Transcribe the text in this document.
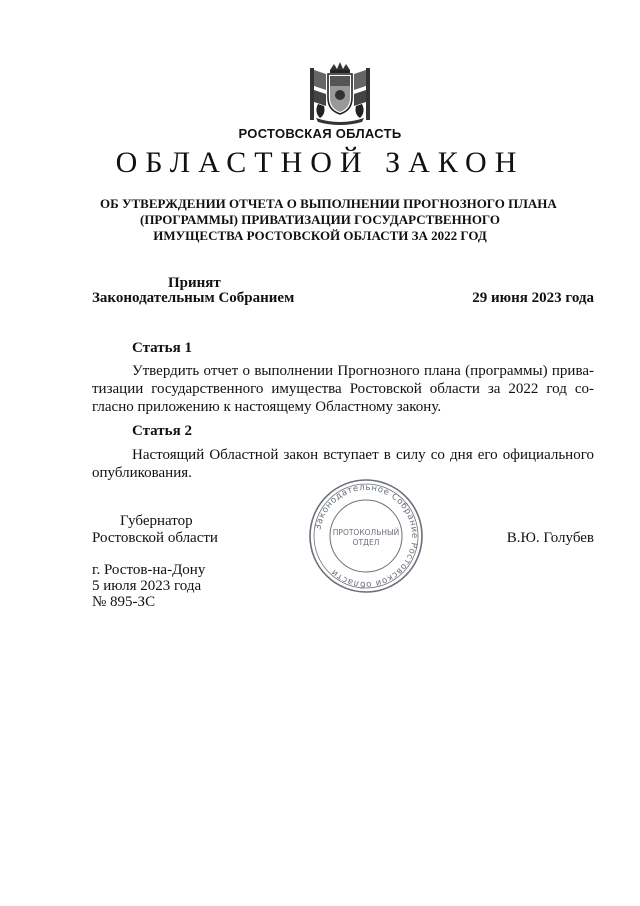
РОСТОВСКАЯ ОБЛАСТЬ
ОБЛАСТНОЙ ЗАКОН
ОБ УТВЕРЖДЕНИИ ОТЧЕТА О ВЫПОЛНЕНИИ ПРОГНОЗНОГО ПЛАНА
(ПРОГРАММЫ) ПРИВАТИЗАЦИИ ГОСУДАРСТВЕННОГО
ИМУЩЕСТВА РОСТОВСКОЙ ОБЛАСТИ ЗА 2022 ГОД
Принят
Законодательным Собранием	29 июня 2023 года
Статья 1
Утвердить отчет о выполнении Прогнозного плана (программы) прива-
тизации государственного имущества Ростовской области за 2022 год со-
гласно приложению к настоящему Областному закону.
Статья 2
Настоящий Областной закон вступает в силу со дня его официального
опубликования.
Губернатор
Ростовской области	В.Ю. Голубев
Законодательное Собрание Ростовской области
ПРОТОКОЛЬНЫЙ
ОТДЕЛ
г. Ростов-на-Дону
5 июля 2023 года
№ 895-ЗС
